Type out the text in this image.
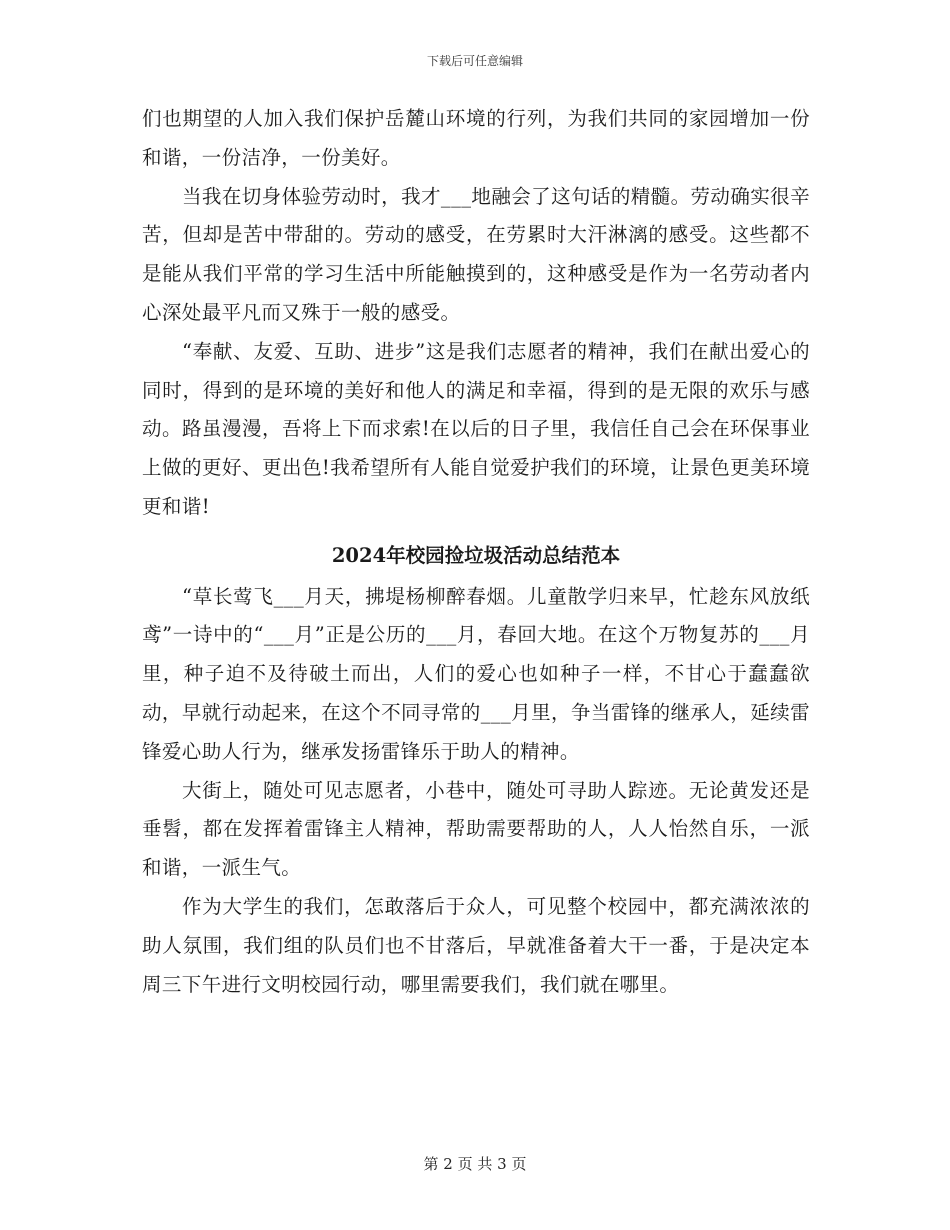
下载后可任意编辑

们也期望的人加入我们保护岳麓山环境的行列，为我们共同的家园增加一份和谐，一份洁净，一份美好。

当我在切身体验劳动时，我才___地融会了这句话的精髓。劳动确实很辛苦，但却是苦中带甜的。劳动的感受，在劳累时大汗淋漓的感受。这些都不是能从我们平常的学习生活中所能触摸到的，这种感受是作为一名劳动者内心深处最平凡而又殊于一般的感受。

“奉献、友爱、互助、进步”这是我们志愿者的精神，我们在献出爱心的同时，得到的是环境的美好和他人的满足和幸福，得到的是无限的欢乐与感动。路虽漫漫，吾将上下而求索!在以后的日子里，我信任自己会在环保事业上做的更好、更出色!我希望所有人能自觉爱护我们的环境，让景色更美环境更和谐!

2024年校园捡垃圾活动总结范本

“草长莺飞___月天，拂堤杨柳醉春烟。儿童散学归来早，忙趁东风放纸鸢”一诗中的“___月”正是公历的___月，春回大地。在这个万物复苏的___月里，种子迫不及待破土而出，人们的爱心也如种子一样，不甘心于蠢蠢欲动，早就行动起来，在这个不同寻常的___月里，争当雷锋的继承人，延续雷锋爱心助人行为，继承发扬雷锋乐于助人的精神。

大街上，随处可见志愿者，小巷中，随处可寻助人踪迹。无论黄发还是垂髫，都在发挥着雷锋主人精神，帮助需要帮助的人，人人怡然自乐，一派和谐，一派生气。

作为大学生的我们，怎敢落后于众人，可见整个校园中，都充满浓浓的助人氛围，我们组的队员们也不甘落后，早就准备着大干一番，于是决定本周三下午进行文明校园行动，哪里需要我们，我们就在哪里。

第 2 页 共 3 页
